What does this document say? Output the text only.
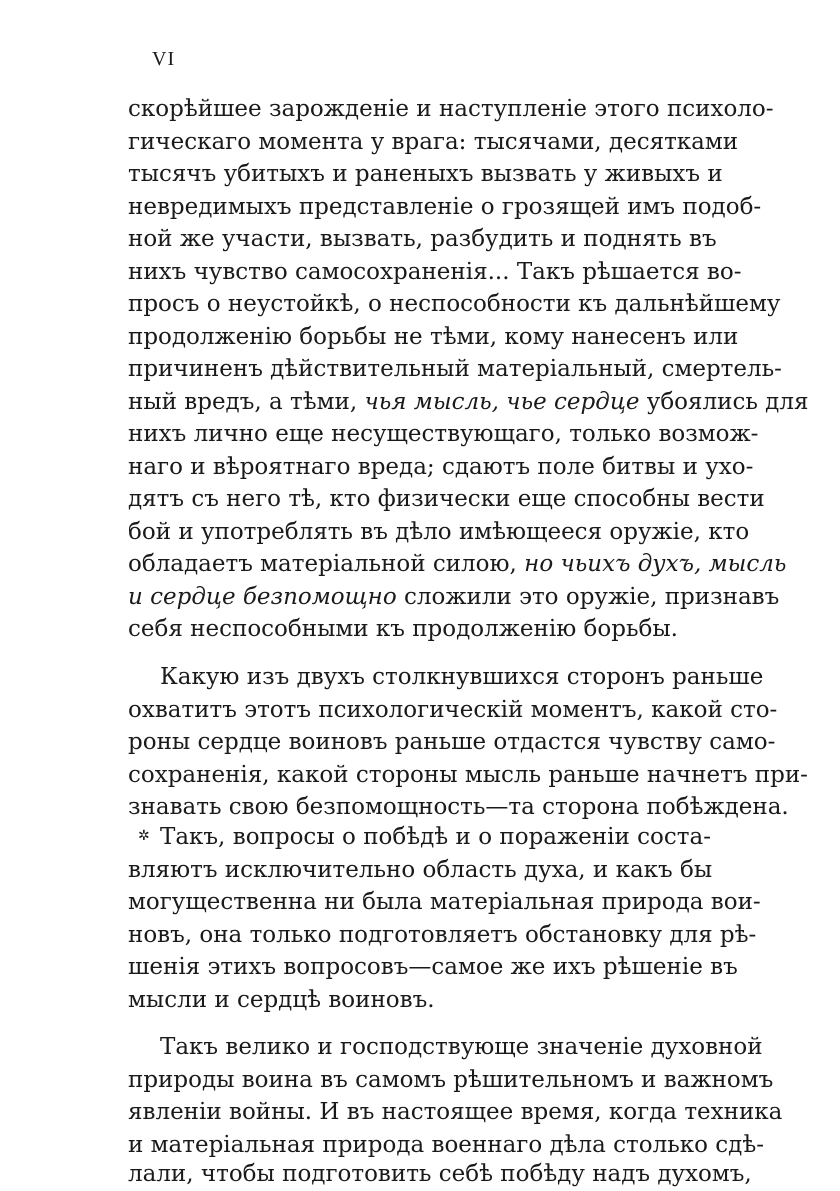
VI
скорѣйшее зарожденіе и наступленіе этого психоло-
гическаго момента у врага: тысячами, десятками
тысячъ убитыхъ и раненыхъ вызвать у живыхъ и
невредимыхъ представленіе о грозящей имъ подоб-
ной же участи, вызвать, разбудить и поднять въ
нихъ чувство самосохраненія... Такъ рѣшается во-
просъ о неустойкѣ, о неспособности къ дальнѣйшему
продолженію борьбы не тѣми, кому нанесенъ или
причиненъ дѣйствительный матеріальный, смертель-
ный вредъ, а тѣми, чья мысль, чье сердце убоялись для
нихъ лично еще несуществующаго, только возмож-
наго и вѣроятнаго вреда; сдаютъ поле битвы и ухо-
дятъ съ него тѣ, кто физически еще способны вести
бой и употреблять въ дѣло имѣющееся оружіе, кто
обладаетъ матеріальной силою, но чьихъ духъ, мысль
и сердце безпомощно сложили это оружіе, признавъ
себя неспособными къ продолженію борьбы.
Какую изъ двухъ столкнувшихся сторонъ раньше
охватитъ этотъ психологическій моментъ, какой сто-
роны сердце воиновъ раньше отдастся чувству само-
сохраненія, какой стороны мысль раньше начнетъ при-
знавать свою безпомощность—та сторона побѣждена.
✲ Такъ, вопросы о побѣдѣ и о пораженіи соста-
вляютъ исключительно область духа, и какъ бы
могущественна ни была матеріальная природа вои-
новъ, она только подготовляетъ обстановку для рѣ-
шенія этихъ вопросовъ—самое же ихъ рѣшеніе въ
мысли и сердцѣ воиновъ.
Такъ велико и господствующе значеніе духовной
природы воина въ самомъ рѣшительномъ и важномъ
явленіи войны. И въ настоящее время, когда техника
и матеріальная природа военнаго дѣла столько сдѣ-
лали, чтобы подготовить себѣ побѣду надъ духомъ,
